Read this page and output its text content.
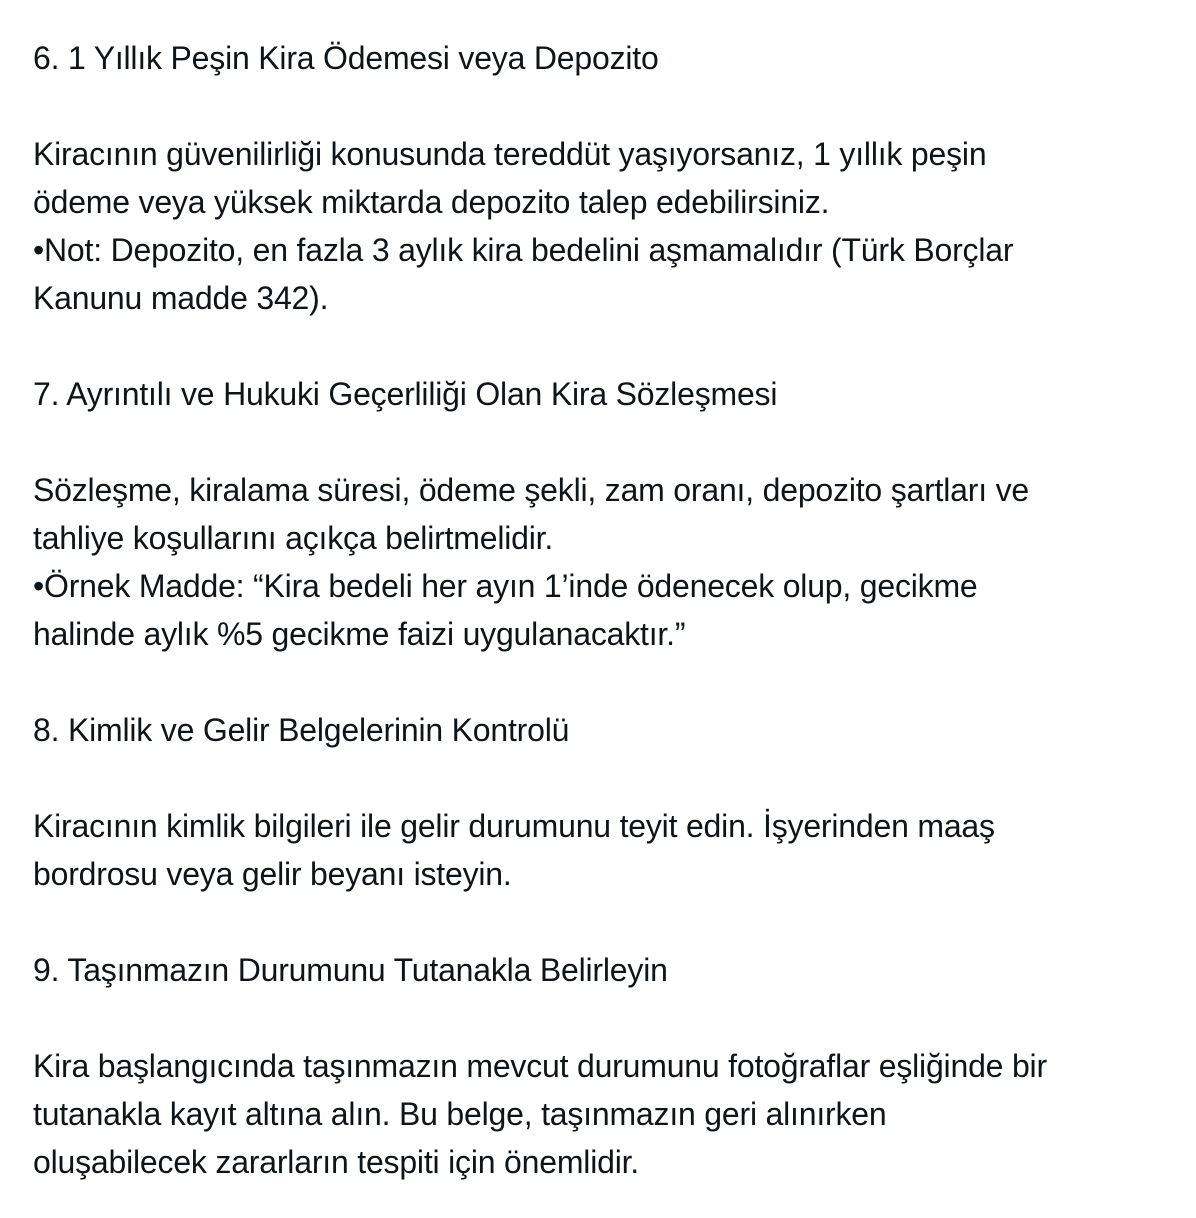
6. 1 Yıllık Peşin Kira Ödemesi veya Depozito

Kiracının güvenilirliği konusunda tereddüt yaşıyorsanız, 1 yıllık peşin
ödeme veya yüksek miktarda depozito talep edebilirsiniz.
•Not: Depozito, en fazla 3 aylık kira bedelini aşmamalıdır (Türk Borçlar
Kanunu madde 342).

7. Ayrıntılı ve Hukuki Geçerliliği Olan Kira Sözleşmesi

Sözleşme, kiralama süresi, ödeme şekli, zam oranı, depozito şartları ve
tahliye koşullarını açıkça belirtmelidir.
•Örnek Madde: “Kira bedeli her ayın 1’inde ödenecek olup, gecikme
halinde aylık %5 gecikme faizi uygulanacaktır.”

8. Kimlik ve Gelir Belgelerinin Kontrolü

Kiracının kimlik bilgileri ile gelir durumunu teyit edin. İşyerinden maaş
bordrosu veya gelir beyanı isteyin.

9. Taşınmazın Durumunu Tutanakla Belirleyin

Kira başlangıcında taşınmazın mevcut durumunu fotoğraflar eşliğinde bir
tutanakla kayıt altına alın. Bu belge, taşınmazın geri alınırken
oluşabilecek zararların tespiti için önemlidir.
